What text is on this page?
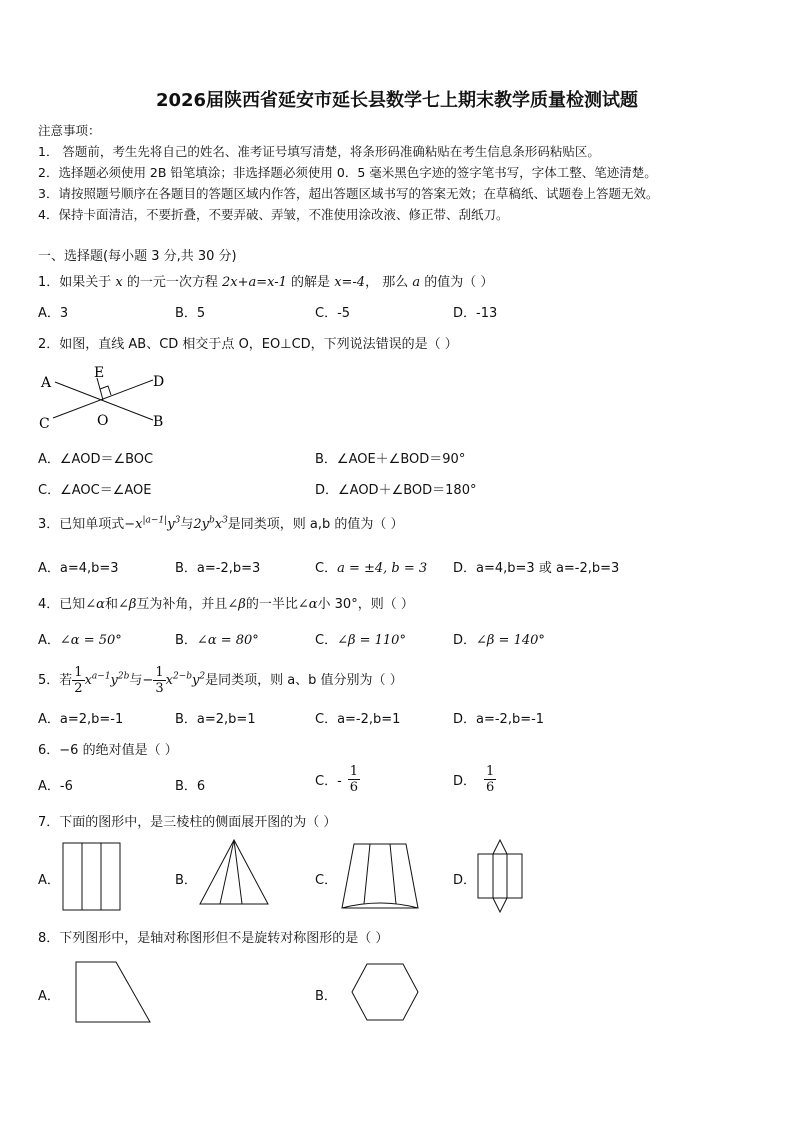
2026届陕西省延安市延长县数学七上期末教学质量检测试题
注意事项：
1． 答题前，考生先将自己的姓名、准考证号填写清楚，将条形码准确粘贴在考生信息条形码粘贴区。
2．选择题必须使用 2B 铅笔填涂；非选择题必须使用 0．5 毫米黑色字迹的签字笔书写，字体工整、笔迹清楚。
3．请按照题号顺序在各题目的答题区域内作答，超出答题区域书写的答案无效；在草稿纸、试题卷上答题无效。
4．保持卡面清洁，不要折叠，不要弄破、弄皱，不准使用涂改液、修正带、刮纸刀。
一、选择题(每小题 3 分,共 30 分)
1．如果关于 x 的一元一次方程 2x+a=x-1 的解是 x=-4， 那么 a 的值为（ ）
A．3	B．5	C．-5	D．-13
2．如图，直线 AB、CD 相交于点 O，EO⊥CD，下列说法错误的是（ ）
A
B
C
D
E
O
A．∠AOD＝∠BOC	B．∠AOE＋∠BOD＝90°
C．∠AOC＝∠AOE	D．∠AOD＋∠BOD＝180°
3．已知单项式$-x^{|a-1|}y^3$与$2y^bx^3$是同类项，则 a,b 的值为（ ）
A．a=4,b=3	B．a=-2,b=3	C．a = ±4, b = 3 D．a=4,b=3 或 a=-2,b=3
4．已知∠α和∠β互为补角，并且∠β的一半比∠α小 30°，则（ ）
A．∠α = 50°	B．∠α = 80°	C．∠β = 110°	D．∠β = 140°
5．若 $\frac{1}{2} x^{a-1}y^{2b}$与− $\frac{1}{3} x^{2-b}y^2$是同类项，则 a、b 值分别为（ ）
A．a=2,b=-1	B．a=2,b=1	C．a=-2,b=1	D．a=-2,b=-1
6．−6 的绝对值是（ ）
A．-6	B．6	C．- $\frac{1}{6}$	D． $\frac{1}{6}$
7．下面的图形中，是三棱柱的侧面展开图的为（ ）
A．	B．	C．	D．
8．下列图形中，是轴对称图形但不是旋转对称图形的是（ ）
A．	B．
